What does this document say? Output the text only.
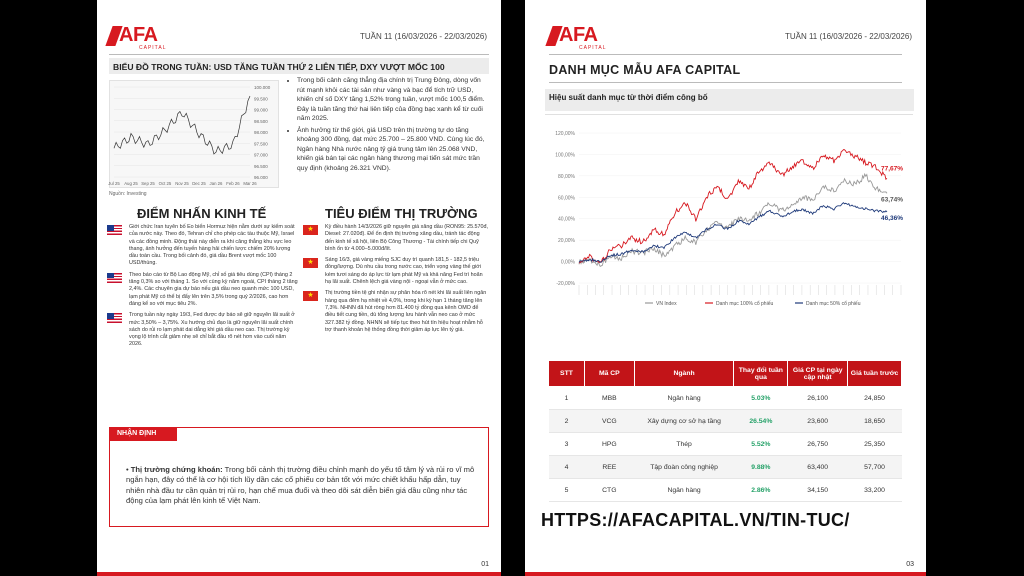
AFA
CAPITAL
TUẦN 11 (16/03/2026 - 22/03/2026)
BIỂU ĐỒ TRONG TUẦN: USD TĂNG TUẦN THỨ 2 LIÊN TIẾP, DXY VƯỢT MỐC 100
100.000
99.500
99.000
98.500
98.000
97.500
97.000
96.500
96.000
Jul 25 Aug 25 Sep 25 Oct 25 Nov 25 Dec 25 Jan 26 Feb 26 Mar 26
Nguồn: Investing
• Trong bối cảnh căng thẳng địa chính trị Trung Đông, dòng vốn rút mạnh khỏi các tài sản như vàng và bạc để tích trữ USD, khiến chỉ số DXY tăng 1,52% trong tuần, vượt mốc 100,5 điểm. Đây là tuần tăng thứ hai liên tiếp của đồng bạc xanh kể từ cuối năm 2025.
• Ảnh hưởng từ thế giới, giá USD trên thị trường tự do tăng khoảng 300 đồng, đạt mức 25.700 – 25.800 VND. Cùng lúc đó, Ngân hàng Nhà nước nâng tỷ giá trung tâm lên 25.068 VND, khiến giá bán tại các ngân hàng thương mại tiến sát mức trần quy định (khoảng 26.321 VND).
ĐIỂM NHẤN KINH TẾ	TIÊU ĐIỂM THỊ TRƯỜNG
Giới chức Iran tuyên bố Eo biển Hormuz hiện nằm dưới sự kiểm soát của nước này. Theo đó, Tehran chỉ cho phép các tàu thuộc Mỹ, Israel và các đồng minh. Động thái này diễn ra khi căng thẳng khu vực leo thang, ảnh hưởng đến tuyến hàng hải chiến lược chiếm 20% lượng dầu toàn cầu. Trong bối cảnh đó, giá dầu Brent vượt mốc 100 USD/thùng.
Theo báo cáo từ Bộ Lao động Mỹ, chỉ số giá tiêu dùng (CPI) tháng 2 tăng 0,3% so với tháng 1. So với cùng kỳ năm ngoái, CPI tháng 2 tăng 2,4%. Các chuyên gia dự báo nếu giá dầu neo quanh mức 100 USD, lạm phát Mỹ có thể bị đẩy lên trên 3,5% trong quý 2/2026, cao hơn đáng kể so với mục tiêu 2%.
Trong tuần này ngày 19/3, Fed được dự báo sẽ giữ nguyên lãi suất ở mức 3,50% – 3,75%. Xu hướng chủ đạo là giữ nguyên lãi suất chính sách do rủi ro lạm phát dai dẳng khi giá dầu neo cao. Thị trường kỳ vọng lộ trình cắt giảm nhẹ sẽ chỉ bắt đầu rõ nét hơn vào cuối năm 2026.
★	Kỳ điều hành 14/3/2026 giữ nguyên giá xăng dầu (RON95: 25.570đ, Diesel: 27.020đ). Để ổn định thị trường xăng dầu, tránh tác động đến kinh tế xã hội, liên Bộ Công Thương - Tài chính tiếp chi Quỹ bình ổn từ 4.000–5.000đ/lít.
★	Sáng 16/3, giá vàng miếng SJC duy trì quanh 181,5 - 182,5 triệu đồng/lượng. Dù nhu cầu trong nước cao, triển vọng vàng thế giới kém tươi sáng do áp lực từ lạm phát Mỹ và khả năng Fed trì hoãn hạ lãi suất. Chênh lệch giá vàng nội - ngoại vẫn ở mức cao.
★	Thị trường tiền tệ ghi nhận sự phân hóa rõ nét khi lãi suất liên ngân hàng qua đêm hạ nhiệt về 4,0%, trong khi kỳ hạn 1 tháng tăng lên 7,3%. NHNN đã hút ròng hơn 81.400 tỷ đồng qua kênh OMO để điều tiết cung tiền, dù tổng lượng lưu hành vẫn neo cao ở mức 327.382 tỷ đồng. NHNN sẽ tiếp tục theo hút tín hiệu hoạt nhằm hỗ trợ thanh khoản hệ thống đồng thời giảm áp lực lên tỷ giá.
NHẬN ĐỊNH
• Thị trường chứng khoán: Trong bối cảnh thị trường điều chỉnh mạnh do yếu tố tâm lý và rủi ro vĩ mô ngắn hạn, đây có thể là cơ hội tích lũy dần các cổ phiếu cơ bản tốt với mức chiết khấu hấp dẫn, tuy nhiên nhà đầu tư cần quản trị rủi ro, hạn chế mua đuổi và theo dõi sát diễn biến giá dầu cũng như tác động của lạm phát lên kinh tế Việt Nam.
01
AFA
CAPITAL
TUẦN 11 (16/03/2026 - 22/03/2026)
DANH MỤC MẪU AFA CAPITAL
Hiệu suất danh mục từ thời điểm công bố
120,00%
100,00%
80,00%
60,00%
40,00%
20,00%
0,00%
-20,00%
77,67%
63,74%
46,36%
VN Index	Danh mục 100% cổ phiếu	Danh mục 50% cổ phiếu
STT	Mã CP	Ngành	Thay đổi tuần qua	Giá CP tại ngày cập nhật	Giá tuần trước
1	MBB	Ngân hàng	5.03%	26,100	24,850
2	VCG	Xây dựng cơ sở hạ tầng	26.54%	23,600	18,650
3	HPG	Thép	5.52%	26,750	25,350
4	REE	Tập đoàn công nghiệp	9.88%	63,400	57,700
5	CTG	Ngân hàng	2.86%	34,150	33,200
HTTPS://AFACAPITAL.VN/TIN-TUC/
03
